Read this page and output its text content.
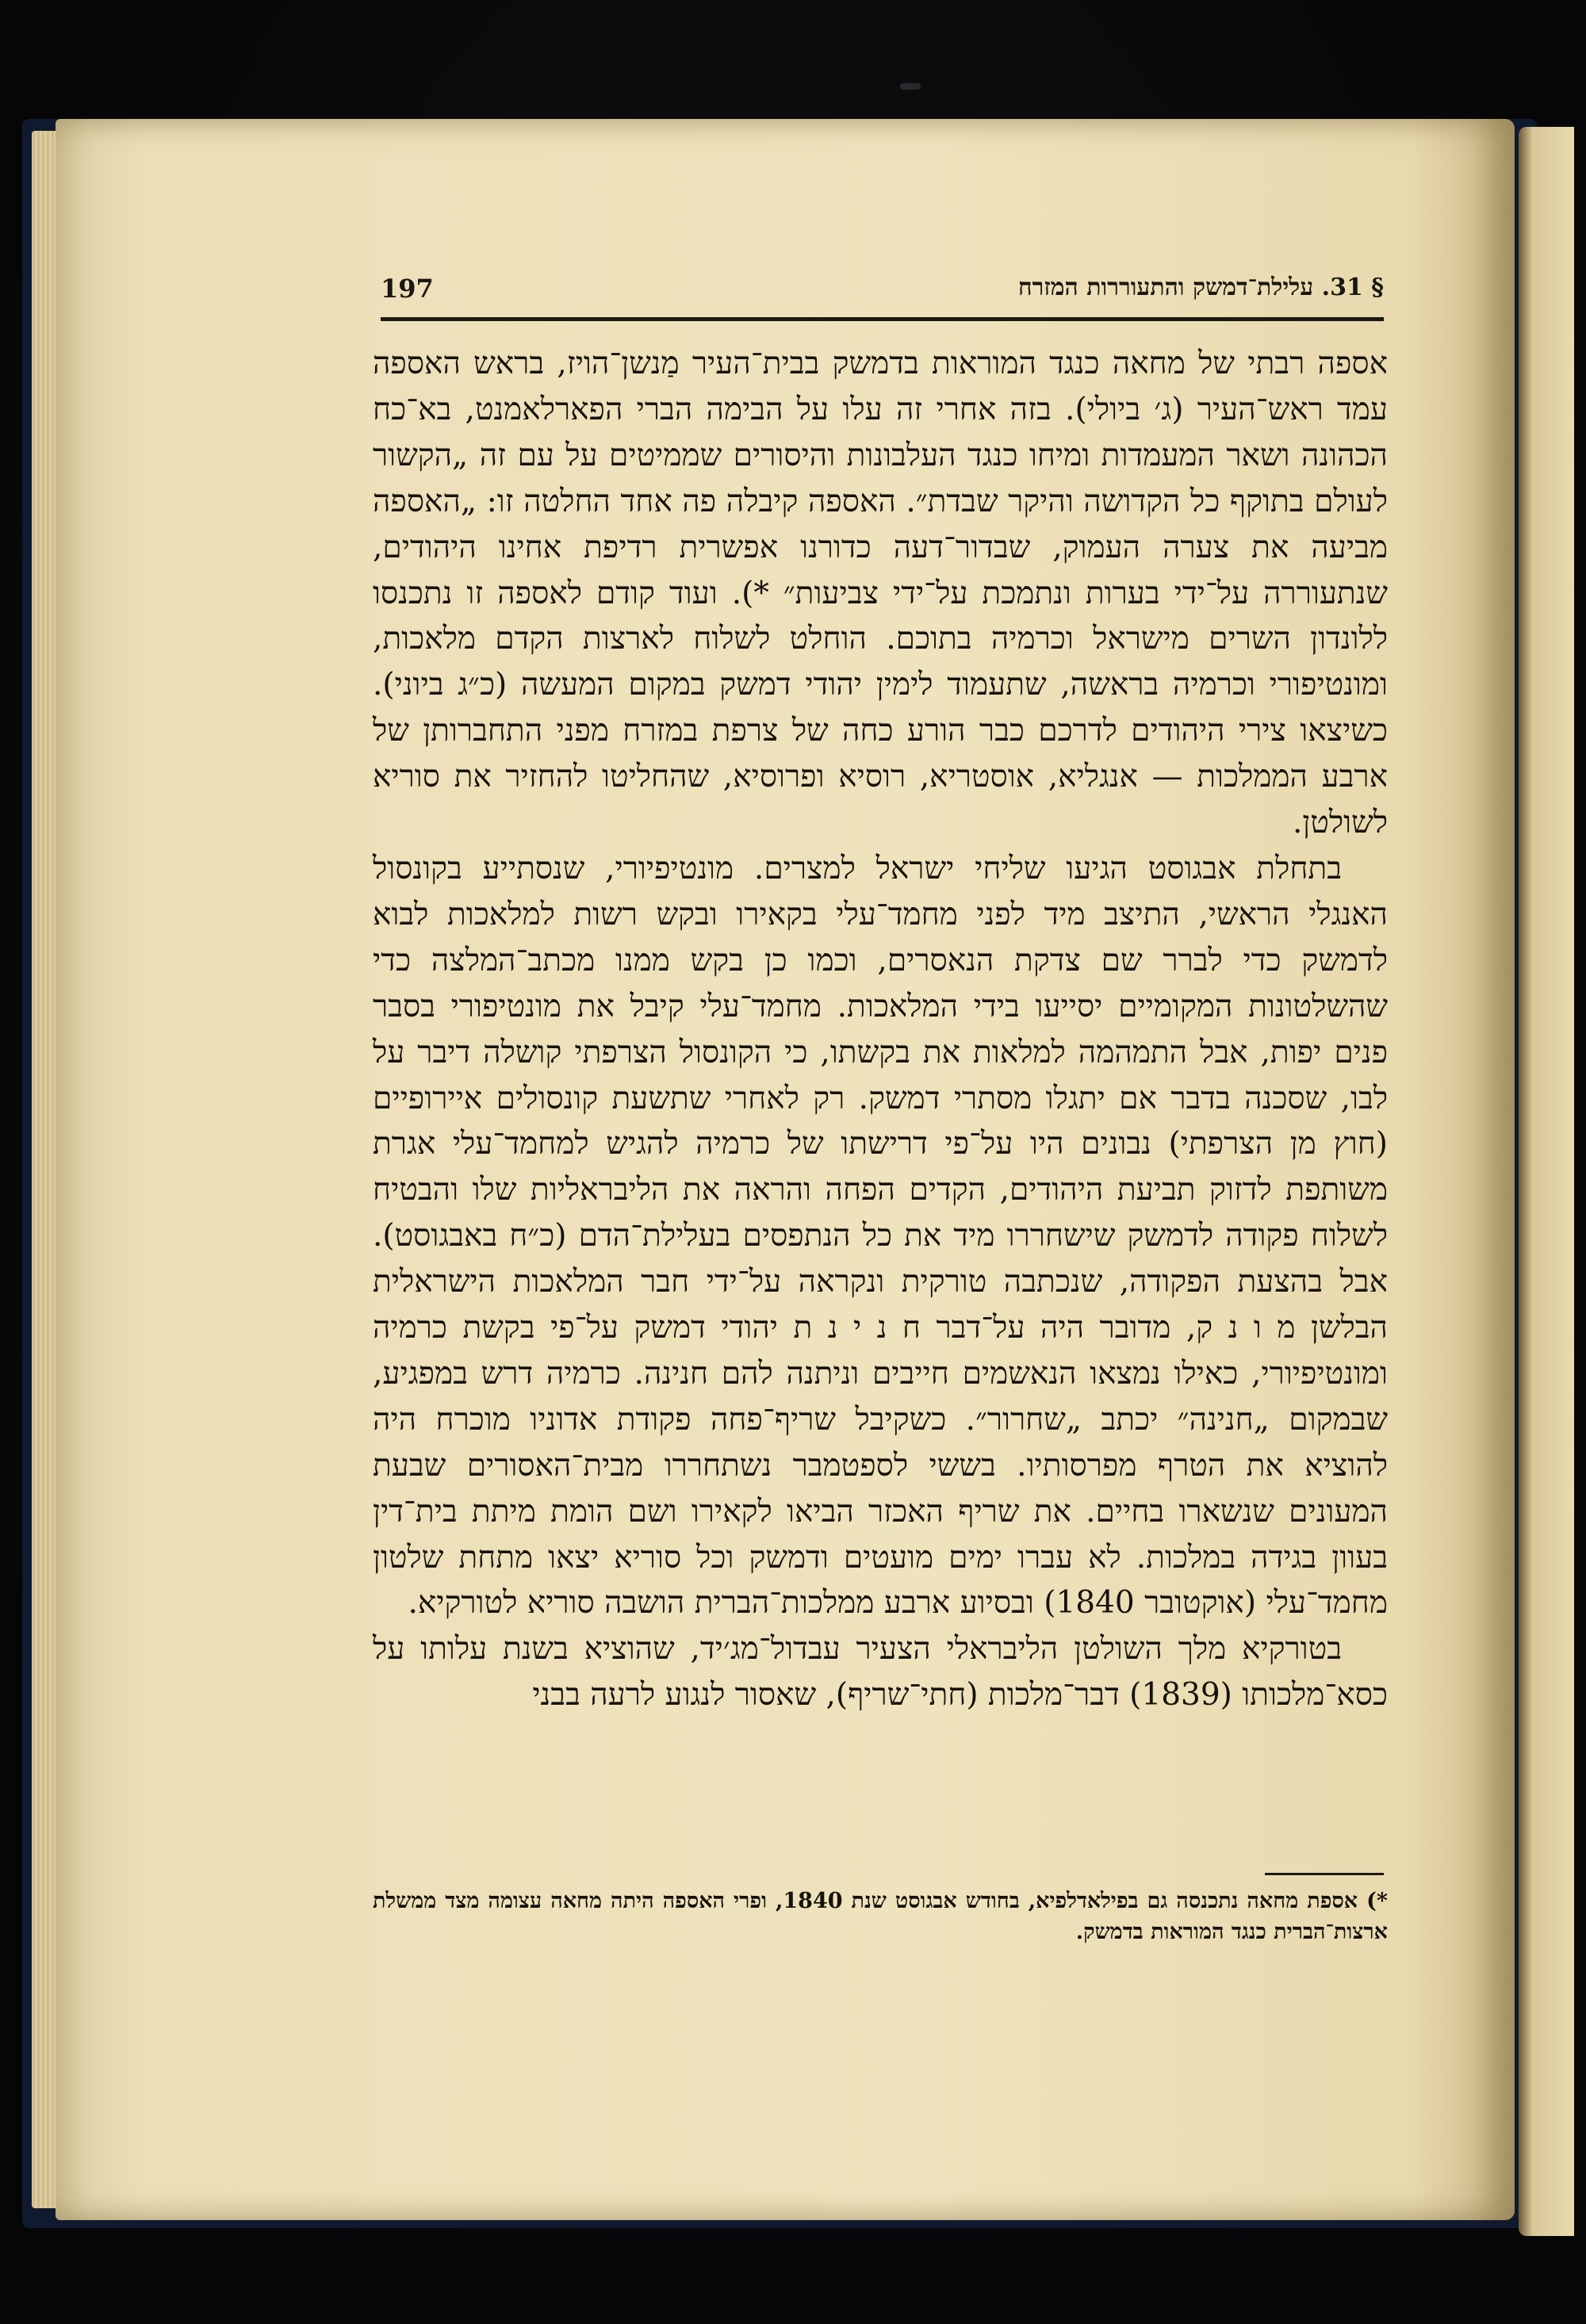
§ 31. עלילת־דמשק והתעוררות המזרח
197

אספה רבתי של מחאה כנגד המוראות בדמשק בבית־העיר מַנשן־הויז, בראש האספה עמד ראש־העיר (ג׳ ביולי). בזה אחרי זה עלו על הבימה הברי הפארלאמנט, בא־כח הכהונה ושאר המעמדות ומיחו כנגד העלבונות והיסורים שממיטים על עם זה „הקשור לעולם בתוקף כל הקדושה והיקר שבדת״. האספה קיבלה פה אחד החלטה זו: „האספה מביעה את צערה העמוק, שבדור־דעה כדורנו אפשרית רדיפת אחינו היהודים, שנתעוררה על־ידי בערות ונתמכת על־ידי צביעות״ *). ועוד קודם לאספה זו נתכנסו ללונדון השרים מישראל וכרמיה בתוכם. הוחלט לשלוח לארצות הקדם מלאכות, ומונטיפורי וכרמיה בראשה, שתעמוד לימין יהודי דמשק במקום המעשה (כ״ג ביוני). כשיצאו צירי היהודים לדרכם כבר הורע כחה של צרפת במזרח מפני התחברותן של ארבע הממלכות — אנגליא, אוסטריא, רוסיא ופרוסיא, שהחליטו להחזיר את סוריא לשולטן.

בתחלת אבגוסט הגיעו שליחי ישראל למצרים. מונטיפיורי, שנסתייע בקונסול האנגלי הראשי, התיצב מיד לפני מחמד־עלי בקאירו ובקש רשות למלאכות לבוא לדמשק כדי לברר שם צדקת הנאסרים, וכמו כן בקש ממנו מכתב־המלצה כדי שהשלטונות המקומיים יסייעו בידי המלאכות. מחמד־עלי קיבל את מונטיפורי בסבר פנים יפות, אבל התמהמה למלאות את בקשתו, כי הקונסול הצרפתי קושלה דיבר על לבו, שסכנה בדבר אם יתגלו מסתרי דמשק. רק לאחרי שתשעת קונסולים איירופיים (חוץ מן הצרפתי) נבונים היו על־פי דרישתו של כרמיה להגיש למחמד־עלי אגרת משותפת לדזוק תביעת היהודים, הקדים הפחה והראה את הליבראליות שלו והבטיח לשלוח פקודה לדמשק שישחררו מיד את כל הנתפסים בעלילת־הדם (כ״ח באבגוסט). אבל בהצעת הפקודה, שנכתבה טורקית ונקראה על־ידי חבר המלאכות הישראלית הבלשן מ ו נ ק, מדובר היה על־דבר ח נ י נ ת יהודי דמשק על־פי בקשת כרמיה ומונטיפיורי, כאילו נמצאו הנאשמים חייבים וניתנה להם חנינה. כרמיה דרש במפגיע, שבמקום „חנינה״ יכתב „שחרור״. כשקיבל שריף־פחה פקודת אדוניו מוכרח היה להוציא את הטרף מפרסותיו. בששי לספטמבר נשתחררו מבית־האסורים שבעת המעונים שנשארו בחיים. את שריף האכזר הביאו לקאירו ושם הומת מיתת בית־דין בעוון בגידה במלכות. לא עברו ימים מועטים ודמשק וכל סוריא יצאו מתחת שלטון מחמד־עלי (אוקטובר 1840) ובסיוע ארבע ממלכות־הברית הושבה סוריא לטורקיא.

בטורקיא מלך השולטן הליבראלי הצעיר עבדול־מג׳יד, שהוציא בשנת עלותו על כסא־מלכותו (1839) דבר־מלכות (חתי־שריף), שאסור לנגוע לרעה בבני

*) אספת מחאה נתכנסה גם בפילאדלפיא, בחודש אבגוסט שנת 1840, ופרי האספה היתה מחאה עצומה מצד ממשלת ארצות־הברית כנגד המוראות בדמשק.
